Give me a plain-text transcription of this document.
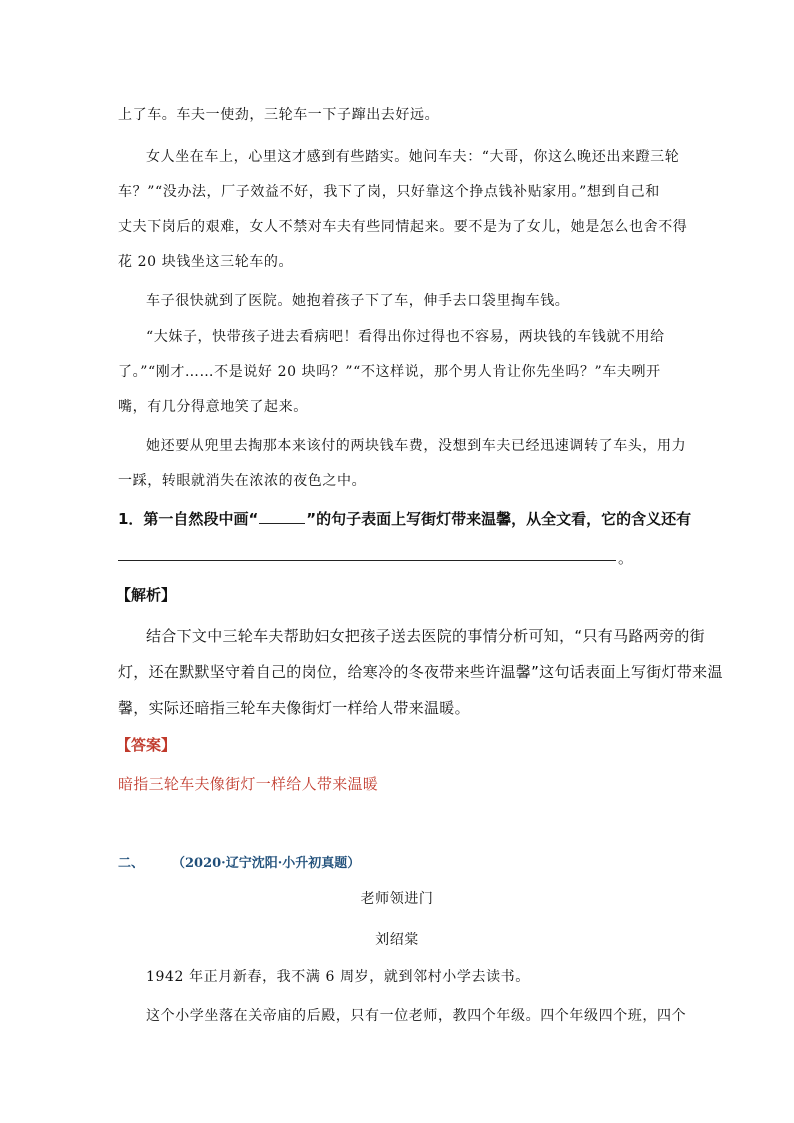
上了车。车夫一使劲，三轮车一下子蹿出去好远。
女人坐在车上，心里这才感到有些踏实。她问车夫：“大哥，你这么晚还出来蹬三轮
车？”“没办法，厂子效益不好，我下了岗，只好靠这个挣点钱补贴家用。”想到自己和
丈夫下岗后的艰难，女人不禁对车夫有些同情起来。要不是为了女儿，她是怎么也舍不得
花 20 块钱坐这三轮车的。
车子很快就到了医院。她抱着孩子下了车，伸手去口袋里掏车钱。
“大妹子，快带孩子进去看病吧！看得出你过得也不容易，两块钱的车钱就不用给
了。”“刚才……不是说好 20 块吗？”“不这样说，那个男人肯让你先坐吗？”车夫咧开
嘴，有几分得意地笑了起来。
她还要从兜里去掏那本来该付的两块钱车费，没想到车夫已经迅速调转了车头，用力
一踩，转眼就消失在浓浓的夜色之中。
1．第一自然段中画“	”的句子表面上写街灯带来温馨，从全文看，它的含义还有
。
【解析】
结合下文中三轮车夫帮助妇女把孩子送去医院的事情分析可知，“只有马路两旁的街
灯，还在默默坚守着自己的岗位，给寒冷的冬夜带来些许温馨”这句话表面上写街灯带来温
馨，实际还暗指三轮车夫像街灯一样给人带来温暖。
【答案】
暗指三轮车夫像街灯一样给人带来温暖
二、 （2020·辽宁沈阳·小升初真题）
老师领进门
刘绍棠
1942 年正月新春，我不满 6 周岁，就到邻村小学去读书。
这个小学坐落在关帝庙的后殿，只有一位老师，教四个年级。四个年级四个班，四个
